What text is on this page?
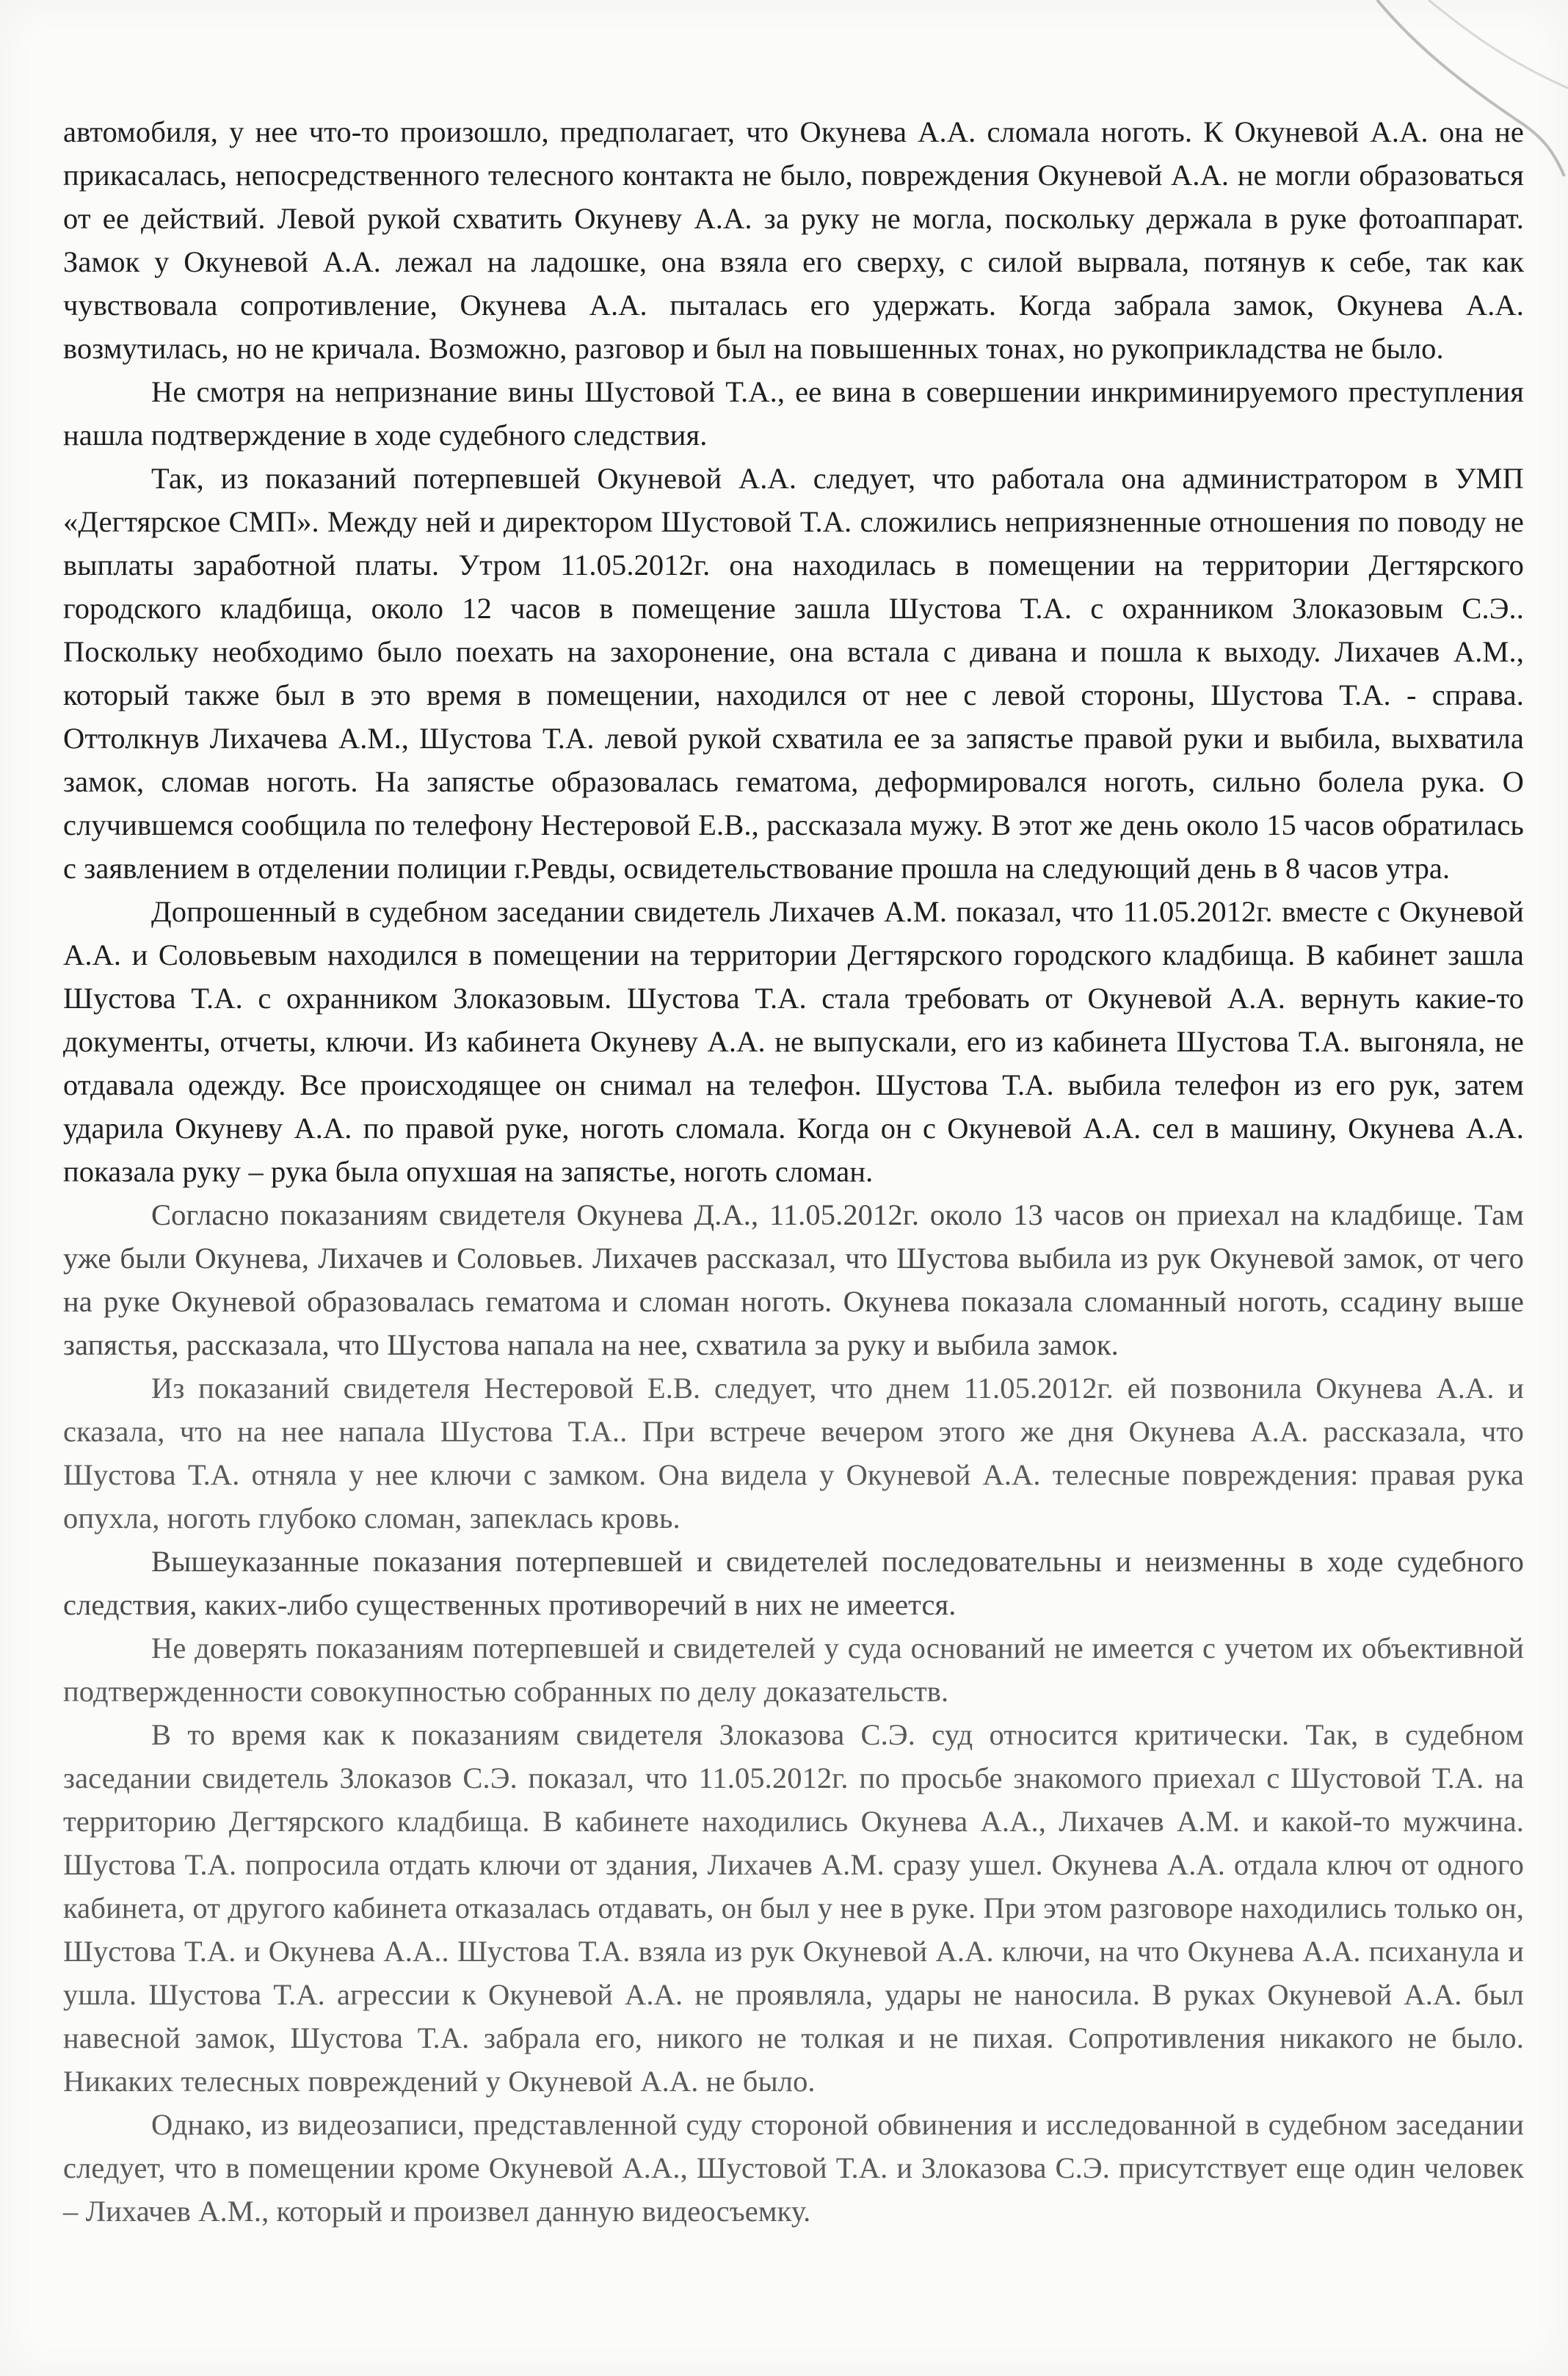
автомобиля, у нее что-то произошло, предполагает, что Окунева А.А. сломала ноготь. К Окуневой А.А. она не прикасалась, непосредственного телесного контакта не было, повреждения Окуневой А.А. не могли образоваться от ее действий. Левой рукой схватить Окуневу А.А. за руку не могла, поскольку держала в руке фотоаппарат. Замок у Окуневой А.А. лежал на ладошке, она взяла его сверху, с силой вырвала, потянув к себе, так как чувствовала сопротивление, Окунева А.А. пыталась его удержать. Когда забрала замок, Окунева А.А. возмутилась, но не кричала. Возможно, разговор и был на повышенных тонах, но рукоприкладства не было.

Не смотря на непризнание вины Шустовой Т.А., ее вина в совершении инкриминируемого преступления нашла подтверждение в ходе судебного следствия.

Так, из показаний потерпевшей Окуневой А.А. следует, что работала она администратором в УМП «Дегтярское СМП». Между ней и директором Шустовой Т.А. сложились неприязненные отношения по поводу не выплаты заработной платы. Утром 11.05.2012г. она находилась в помещении на территории Дегтярского городского кладбища, около 12 часов в помещение зашла Шустова Т.А. с охранником Злоказовым С.Э.. Поскольку необходимо было поехать на захоронение, она встала с дивана и пошла к выходу. Лихачев А.М., который также был в это время в помещении, находился от нее с левой стороны, Шустова Т.А. - справа. Оттолкнув Лихачева А.М., Шустова Т.А. левой рукой схватила ее за запястье правой руки и выбила, выхватила замок, сломав ноготь. На запястье образовалась гематома, деформировался ноготь, сильно болела рука. О случившемся сообщила по телефону Нестеровой Е.В., рассказала мужу. В этот же день около 15 часов обратилась с заявлением в отделении полиции г.Ревды, освидетельствование прошла на следующий день в 8 часов утра.

Допрошенный в судебном заседании свидетель Лихачев А.М. показал, что 11.05.2012г. вместе с Окуневой А.А. и Соловьевым находился в помещении на территории Дегтярского городского кладбища. В кабинет зашла Шустова Т.А. с охранником Злоказовым. Шустова Т.А. стала требовать от Окуневой А.А. вернуть какие-то документы, отчеты, ключи. Из кабинета Окуневу А.А. не выпускали, его из кабинета Шустова Т.А. выгоняла, не отдавала одежду. Все происходящее он снимал на телефон. Шустова Т.А. выбила телефон из его рук, затем ударила Окуневу А.А. по правой руке, ноготь сломала. Когда он с Окуневой А.А. сел в машину, Окунева А.А. показала руку – рука была опухшая на запястье, ноготь сломан.

Согласно показаниям свидетеля Окунева Д.А., 11.05.2012г. около 13 часов он приехал на кладбище. Там уже были Окунева, Лихачев и Соловьев. Лихачев рассказал, что Шустова выбила из рук Окуневой замок, от чего на руке Окуневой образовалась гематома и сломан ноготь. Окунева показала сломанный ноготь, ссадину выше запястья, рассказала, что Шустова напала на нее, схватила за руку и выбила замок.

Из показаний свидетеля Нестеровой Е.В. следует, что днем 11.05.2012г. ей позвонила Окунева А.А. и сказала, что на нее напала Шустова Т.А.. При встрече вечером этого же дня Окунева А.А. рассказала, что Шустова Т.А. отняла у нее ключи с замком. Она видела у Окуневой А.А. телесные повреждения: правая рука опухла, ноготь глубоко сломан, запеклась кровь.

Вышеуказанные показания потерпевшей и свидетелей последовательны и неизменны в ходе судебного следствия, каких-либо существенных противоречий в них не имеется.

Не доверять показаниям потерпевшей и свидетелей у суда оснований не имеется с учетом их объективной подтвержденности совокупностью собранных по делу доказательств.

В то время как к показаниям свидетеля Злоказова С.Э. суд относится критически. Так, в судебном заседании свидетель Злоказов С.Э. показал, что 11.05.2012г. по просьбе знакомого приехал с Шустовой Т.А. на территорию Дегтярского кладбища. В кабинете находились Окунева А.А., Лихачев А.М. и какой-то мужчина. Шустова Т.А. попросила отдать ключи от здания, Лихачев А.М. сразу ушел. Окунева А.А. отдала ключ от одного кабинета, от другого кабинета отказалась отдавать, он был у нее в руке. При этом разговоре находились только он, Шустова Т.А. и Окунева А.А.. Шустова Т.А. взяла из рук Окуневой А.А. ключи, на что Окунева А.А. психанула и ушла. Шустова Т.А. агрессии к Окуневой А.А. не проявляла, удары не наносила. В руках Окуневой А.А. был навесной замок, Шустова Т.А. забрала его, никого не толкая и не пихая. Сопротивления никакого не было. Никаких телесных повреждений у Окуневой А.А. не было.

Однако, из видеозаписи, представленной суду стороной обвинения и исследованной в судебном заседании следует, что в помещении кроме Окуневой А.А., Шустовой Т.А. и Злоказова С.Э. присутствует еще один человек – Лихачев А.М., который и произвел данную видеосъемку.
